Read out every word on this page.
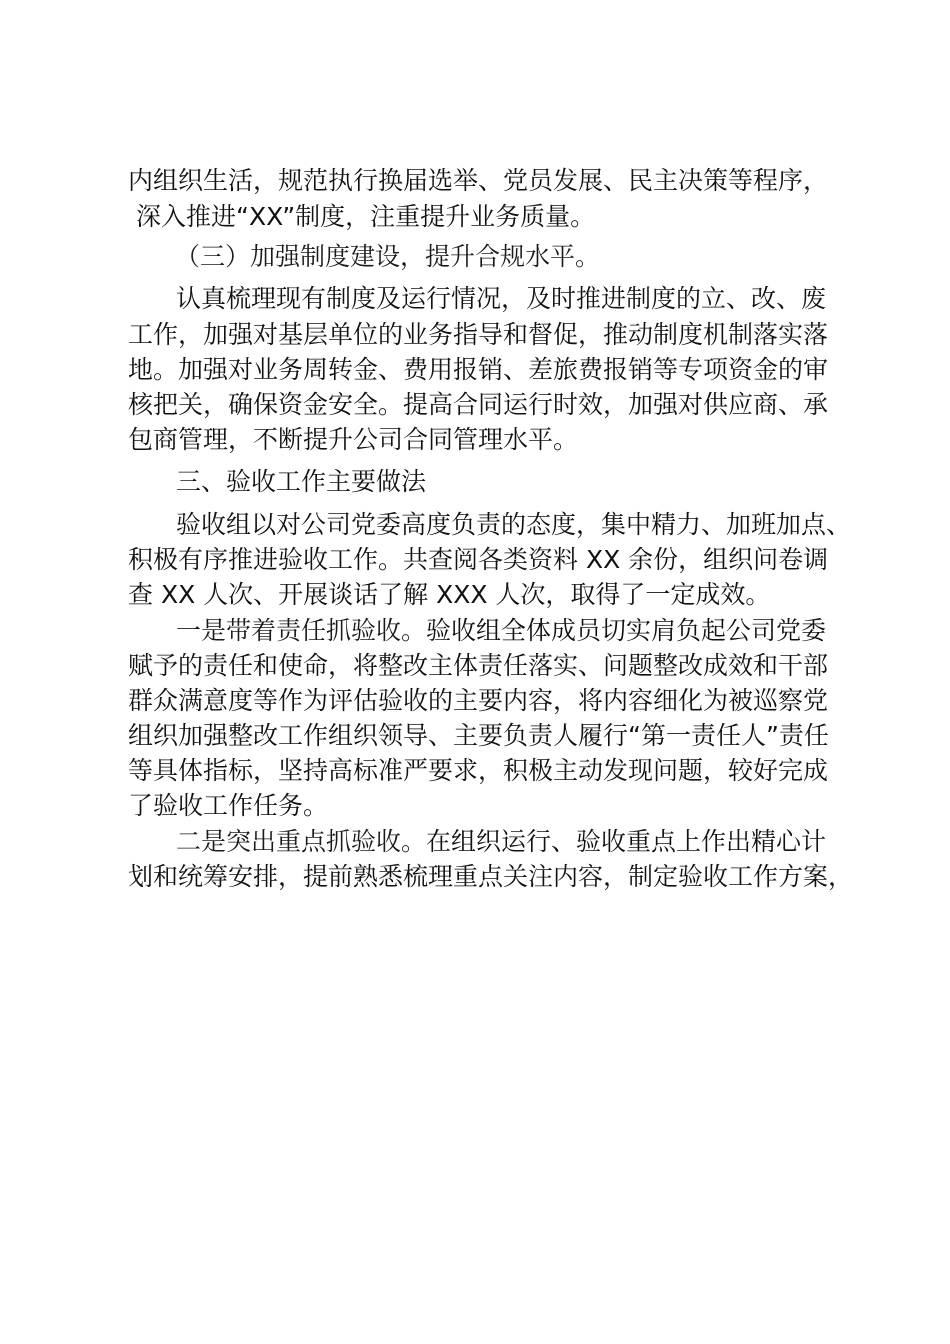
内组织生活，规范执行换届选举、党员发展、民主决策等程序，
深入推进“XX”制度，注重提升业务质量。
（三）加强制度建设，提升合规水平。
认真梳理现有制度及运行情况，及时推进制度的立、改、废
工作，加强对基层单位的业务指导和督促，推动制度机制落实落
地。加强对业务周转金、费用报销、差旅费报销等专项资金的审
核把关，确保资金安全。提高合同运行时效，加强对供应商、承
包商管理，不断提升公司合同管理水平。
三、验收工作主要做法
验收组以对公司党委高度负责的态度，集中精力、加班加点、
积极有序推进验收工作。共查阅各类资料 XX 余份，组织问卷调
查 XX 人次、开展谈话了解 XXX 人次，取得了一定成效。
一是带着责任抓验收。验收组全体成员切实肩负起公司党委
赋予的责任和使命，将整改主体责任落实、问题整改成效和干部
群众满意度等作为评估验收的主要内容，将内容细化为被巡察党
组织加强整改工作组织领导、主要负责人履行“第一责任人”责任
等具体指标，坚持高标准严要求，积极主动发现问题，较好完成
了验收工作任务。
二是突出重点抓验收。在组织运行、验收重点上作出精心计
划和统筹安排，提前熟悉梳理重点关注内容，制定验收工作方案，
